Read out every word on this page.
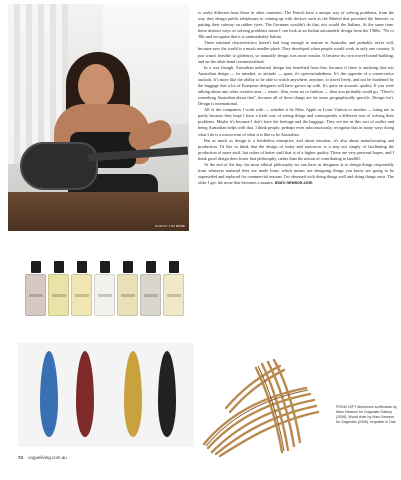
PHOTO: TIM ROBB

FROM LEFT Aluminium surfboards by Marc Newson for Gagosian Gallery (2008). Wood chair by Marc Newson for Gagosian (2008), exquisite in Oak

is vastly different from those in other countries. The French have a unique way of solving problems, from the way they design public telephones to coming up with devices such as the Minitel that preceded the Internet, or putting their subway on rubber tyres. The Germans wouldn't do that, nor would the Italians. At the same time, these distinct ways of solving problems mean I can look at an Italian automobile design from the 1960s, '70s or '80s and recognise that it is unmistakably Italian.

These national characteristics haven't had long enough to mature in Australia, and probably never will, because now the world is a much smaller place. They developed when people would work in only one country. It just wasn't feasible to globetrot, so naturally design was more insular. It became its own travel-bound-building, and on the other hand commercialised.

In a way though, Australian industrial design has benefited from this, because if there is anything that sets Australian design — its mindset, or attitude — apart, it's open-mindedness. It's the opposite of a conservative outlook. It's more like the ability to be able to watch anywhere, anytime, to travel freely, and not be burdened by the baggage that a lot of European designers will have grown up with. It's quite an acoustic quality. If you were talking about any other creative area — music, film, even art or fashion — then you probably could go, "There's something Australian about that", because all of those things are far more geographically specific. Design isn't. Design is international.

All of the companies I work with — whether it be Nike, Apple or Louis Vuitton or another — bring me in partly because they hope I have a fresh way of seeing things and consequently a different way of solving their problems. Maybe it's because I don't have the heritage and the baggage. They see me as this sort of outlier and being Australian helps with that. I think people, perhaps even subconsciously, recognise that in many ways doing what I do is a microcosm of what it is like to be Australian.

But as much as design is a borderless enterprise, and about emotion, it's also about manufacturing and production. I'd like to think that the design of today and tomorrow is a step not simply of facilitating the production of more stuff, but rather of better stuff that is of a higher quality. These are very personal hopes, and I think good design does foster that philosophy, rather than the notion of contributing to landfill.

At the end of the day, the most ethical philosophy we can have as designers is to design things responsibly from whatever material they are made from, which means not designing things you know are going to be superseded and replaced for commercial reasons. I'm obsessed with doing things well and doing things once. The older I get, the more that becomes a mantra. marc-newson.com

74 vogueliving.com.au
